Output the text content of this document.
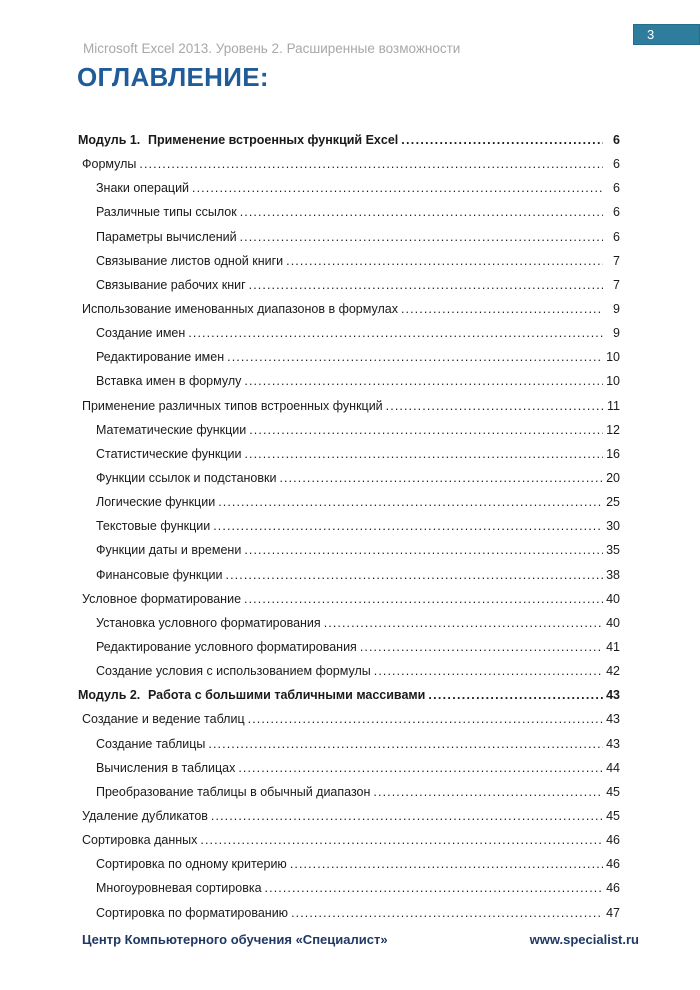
3
Microsoft Excel 2013. Уровень 2. Расширенные возможности
ОГЛАВЛЕНИЕ:
Модуль 1. Применение встроенных функций Excel .....	6
Формулы .....	6
Знаки операций .....	6
Различные типы ссылок .....	6
Параметры вычислений .....	6
Связывание листов одной книги .....	7
Связывание рабочих книг .....	7
Использование именованных диапазонов в формулах .....	9
Создание имен .....	9
Редактирование имен .....	10
Вставка имен в формулу .....	10
Применение различных типов встроенных функций .....	11
Математические функции .....	12
Статистические функции .....	16
Функции ссылок и подстановки .....	20
Логические функции .....	25
Текстовые функции .....	30
Функции даты и времени .....	35
Финансовые функции .....	38
Условное форматирование .....	40
Установка условного форматирования .....	40
Редактирование условного форматирования .....	41
Создание условия с использованием формулы .....	42
Модуль 2. Работа с большими табличными массивами .....	43
Создание и ведение таблиц .....	43
Создание таблицы .....	43
Вычисления в таблицах .....	44
Преобразование таблицы в обычный диапазон .....	45
Удаление дубликатов .....	45
Сортировка данных .....	46
Сортировка по одному критерию .....	46
Многоуровневая сортировка .....	46
Сортировка по форматированию .....	47
Центр Компьютерного обучения «Специалист»	www.specialist.ru
